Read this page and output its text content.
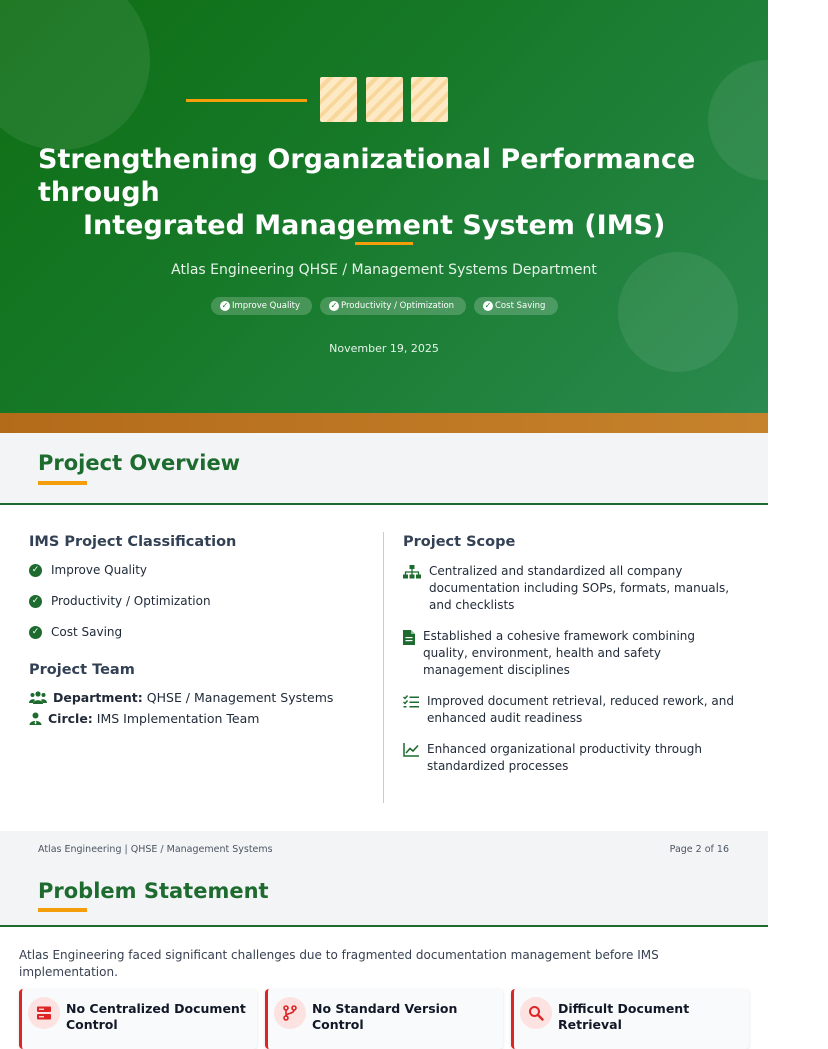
Strengthening Organizational Performance through
Integrated Management System (IMS)
Atlas Engineering QHSE / Management Systems Department
✓ Improve Quality	✓ Productivity / Optimization	✓ Cost Saving
November 19, 2025
Project Overview
IMS Project Classification
✓ Improve Quality
✓ Productivity / Optimization
✓ Cost Saving
Project Team
Department: QHSE / Management Systems
Circle: IMS Implementation Team
Project Scope
Centralized and standardized all company documentation including SOPs, formats, manuals, and checklists
Established a cohesive framework combining quality, environment, health and safety management disciplines
Improved document retrieval, reduced rework, and enhanced audit readiness
Enhanced organizational productivity through standardized processes
Atlas Engineering | QHSE / Management Systems	Page 2 of 16
Problem Statement

Atlas Engineering faced significant challenges due to fragmented documentation management before IMS implementation.

No Centralized Document Control
No Standard Version Control
Difficult Document Retrieval
